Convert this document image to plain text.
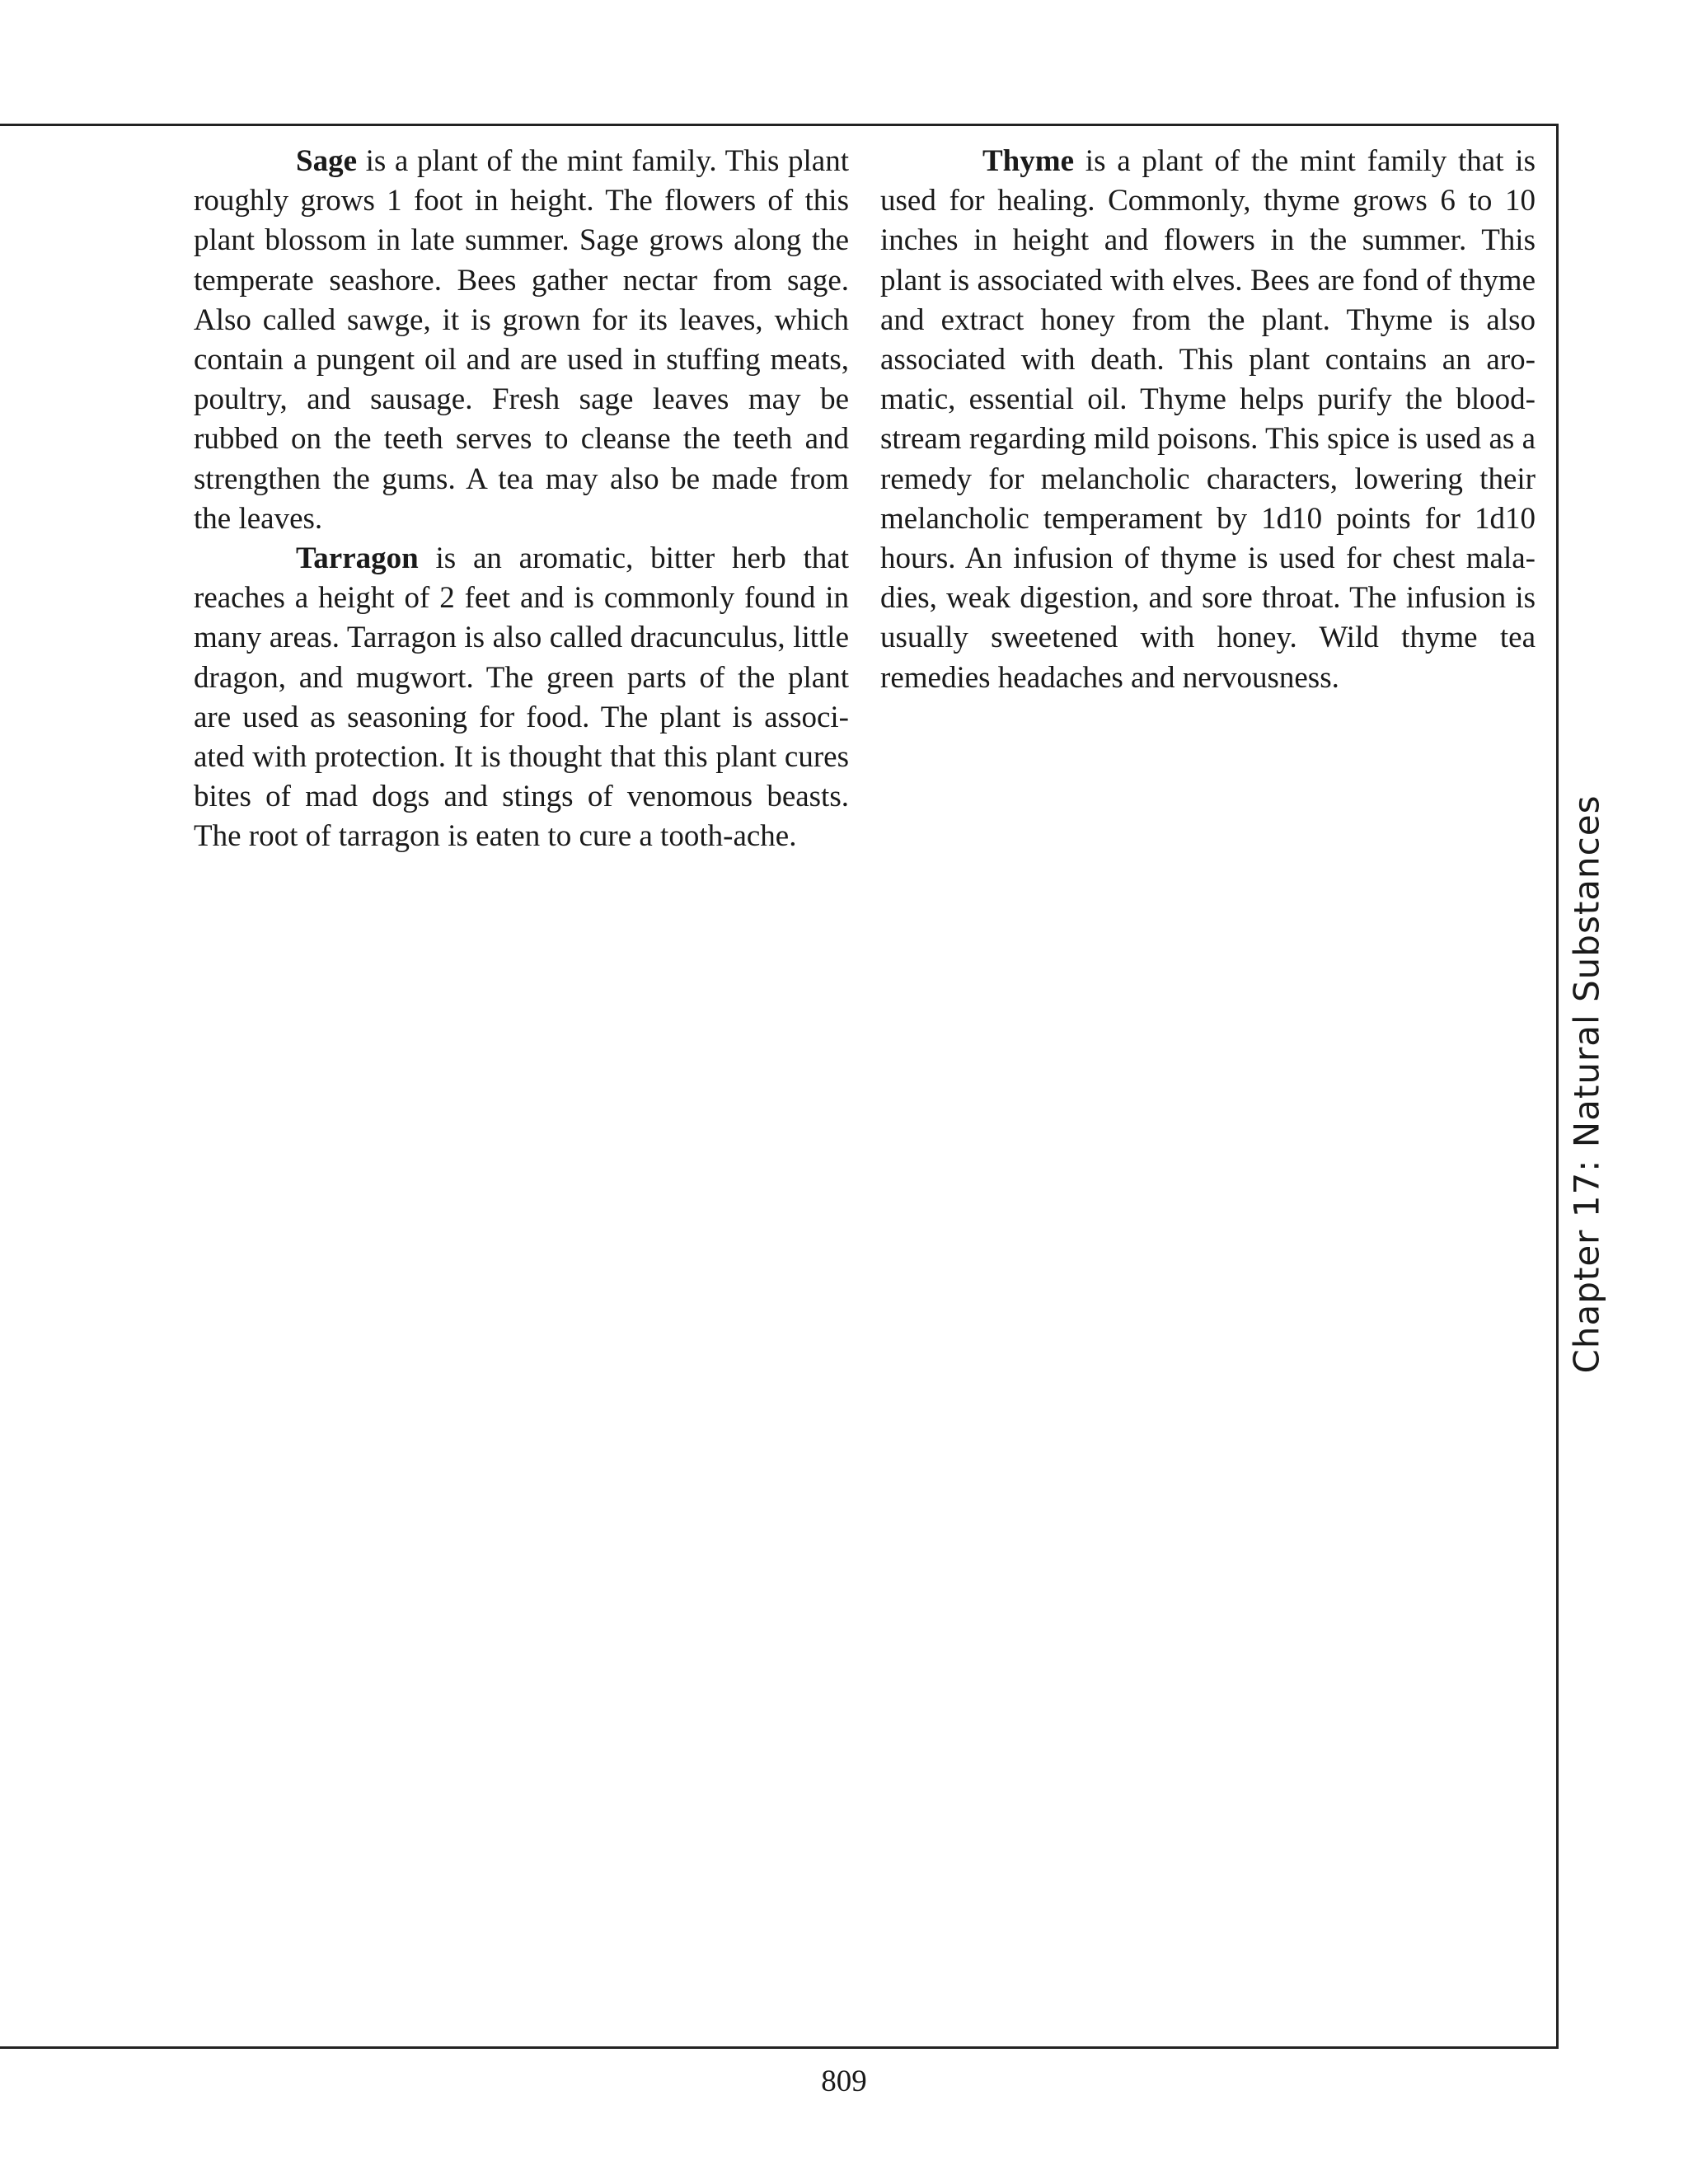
Sage is a plant of the mint family. This plant roughly grows 1 foot in height. The flowers of this plant blossom in late summer. Sage grows along the temperate seashore. Bees gather nectar from sage. Also called sawge, it is grown for its leaves, which contain a pungent oil and are used in stuffing meats, poultry, and sausage. Fresh sage leaves may be rubbed on the teeth serves to cleanse the teeth and strengthen the gums. A tea may also be made from the leaves.

Tarragon is an aromatic, bitter herb that reaches a height of 2 feet and is commonly found in many areas. Tarragon is also called dracunculus, little dragon, and mugwort. The green parts of the plant are used as seasoning for food. The plant is associ-ated with protection. It is thought that this plant cures bites of mad dogs and stings of venomous beasts. The root of tarragon is eaten to cure a tooth-ache.

Thyme is a plant of the mint family that is used for healing. Commonly, thyme grows 6 to 10 inches in height and flowers in the summer. This plant is associated with elves. Bees are fond of thyme and extract honey from the plant. Thyme is also associated with death. This plant contains an aro-matic, essential oil. Thyme helps purify the blood-stream regarding mild poisons. This spice is used as a remedy for melancholic characters, lowering their melancholic temperament by 1d10 points for 1d10 hours. An infusion of thyme is used for chest mala-dies, weak digestion, and sore throat. The infusion is usually sweetened with honey. Wild thyme tea remedies headaches and nervousness.

Chapter 17: Natural Substances
809
